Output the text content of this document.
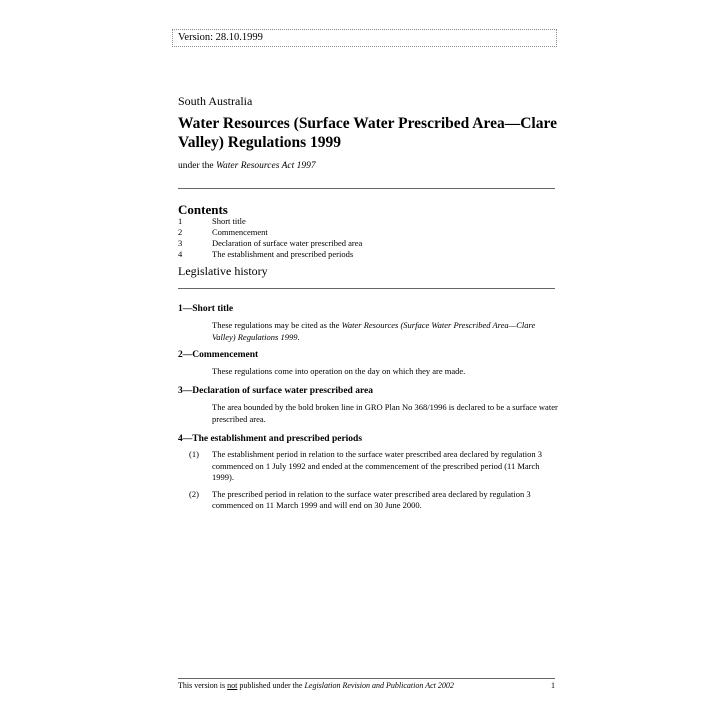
Version: 28.10.1999
South Australia
Water Resources (Surface Water Prescribed Area—Clare Valley) Regulations 1999
under the Water Resources Act 1997
Contents
1	Short title
2	Commencement
3	Declaration of surface water prescribed area
4	The establishment and prescribed periods
Legislative history
1—Short title
These regulations may be cited as the Water Resources (Surface Water Prescribed Area—Clare Valley) Regulations 1999.
2—Commencement
These regulations come into operation on the day on which they are made.
3—Declaration of surface water prescribed area
The area bounded by the bold broken line in GRO Plan No 368/1996 is declared to be a surface water prescribed area.
4—The establishment and prescribed periods
(1)	The establishment period in relation to the surface water prescribed area declared by regulation 3 commenced on 1 July 1992 and ended at the commencement of the prescribed period (11 March 1999).
(2)	The prescribed period in relation to the surface water prescribed area declared by regulation 3 commenced on 11 March 1999 and will end on 30 June 2000.
This version is not published under the Legislation Revision and Publication Act 2002	1
